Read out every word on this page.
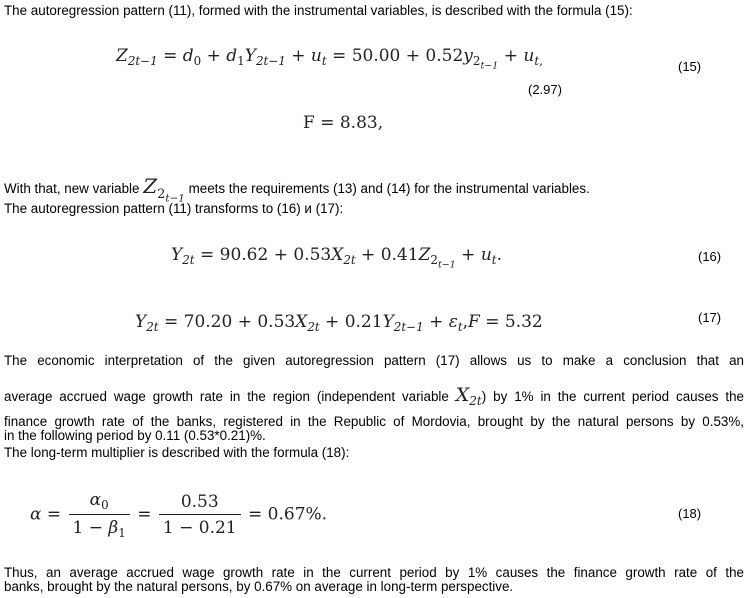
The autoregression pattern (11), formed with the instrumental variables, is described with the formula (15):
$Z_{2t-1} = d_0 + d_1Y_{2t-1} + u_t = 50.00 + 0.52y_{2_{t-1}} + u_{t,}$	(15)
(2.97)
F = 8.83,
With that, new variable $Z_{2_{t-1}}$ meets the requirements (13) and (14) for the instrumental variables.
The autoregression pattern (11) transforms to (16) и (17):
$Y_{2t} = 90.62 + 0.53X_{2t} + 0.41Z_{2_{t-1}} + u_t$.	(16)
$Y_{2t} = 70.20 + 0.53X_{2t} + 0.21Y_{2t-1} + \varepsilon_t,F = 5.32$	(17)
The economic interpretation of the given autoregression pattern (17) allows us to make a conclusion that an
average accrued wage growth rate in the region (independent variable $X_{2t}$) by 1% in the current period causes the
finance growth rate of the banks, registered in the Republic of Mordovia, brought by the natural persons by 0.53%,
in the following period by 0.11 (0.53*0.21)%.
The long-term multiplier is described with the formula (18):
$\alpha = \frac{\alpha_0}{1 - \beta_1} = \frac{0.53}{1 - 0.21} = 0.67\%$.	(18)
Thus, an average accrued wage growth rate in the current period by 1% causes the finance growth rate of the
banks, brought by the natural persons, by 0.67% on average in long-term perspective.
